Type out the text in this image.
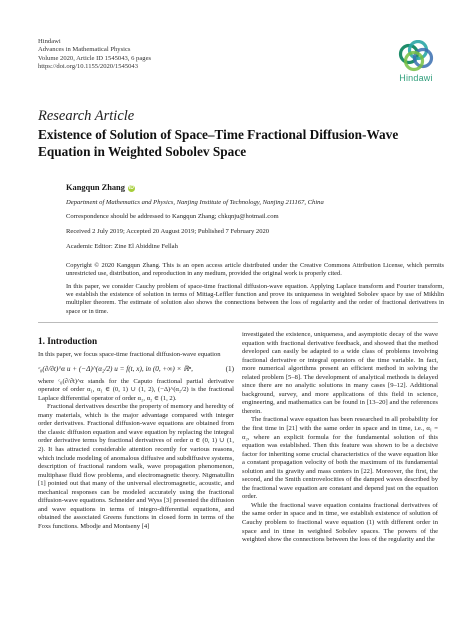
Hindawi
Advances in Mathematical Physics
Volume 2020, Article ID 1545043, 6 pages
https://doi.org/10.1155/2020/1545043
Hindawi
Research Article
Existence of Solution of Space–Time Fractional Diffusion-Wave Equation in Weighted Sobolev Space
Kangqun Zhang iD
Department of Mathematics and Physics, Nanjing Institute of Technology, Nanjing 211167, China
Correspondence should be addressed to Kangqun Zhang; chkqnju@hotmail.com
Received 2 July 2019; Accepted 20 August 2019; Published 7 February 2020
Academic Editor: Zine El Abiddine Fellah
Copyright © 2020 Kangqun Zhang. This is an open access article distributed under the Creative Commons Attribution License, which permits unrestricted use, distribution, and reproduction in any medium, provided the original work is properly cited.
In this paper, we consider Cauchy problem of space-time fractional diffusion-wave equation. Applying Laplace transform and Fourier transform, we establish the existence of solution in terms of Mittag-Leffler function and prove its uniqueness in weighted Sobolev space by use of Mikhlin multiplier theorem. The estimate of solution also shows the connections between the loss of regularity and the order of fractional derivatives in space or in time.
1. Introduction

In this paper, we focus space-time fractional diffusion-wave equation

ᶜ₀(∂/∂t)^α u + (−Δ)^(α₂/2) u = f(t, x), in (0, +∞) × ℝⁿ,	(1)

where ᶜ₀(∂/∂t)^α stands for the Caputo fractional partial derivative operator of order α₁, α₁ ∈ (0, 1) ∪ (1, 2), (−Δ)^(α₂/2) is the fractional Laplace differential operator of order α₂, α₂ ∈ (1, 2).

Fractional derivatives describe the property of memory and heredity of many materials, which is the major advantage compared with integer order derivatives. Fractional diffusion-wave equations are obtained from the classic diffusion equation and wave equation by replacing the integral order derivative terms by fractional derivatives of order α ∈ (0, 1) ∪ (1, 2). It has attracted considerable attention recently for various reasons, which include modeling of anomalous diffusive and subdiffusive systems, description of fractional random walk, wave propagation phenomenon, multiphase fluid flow problems, and electromagnetic theory. Nigmatullin [1] pointed out that many of the universal electromagnetic, acoustic, and mechanical responses can be modeled accurately using the fractional diffusion-wave equations. Schneider and Wyss [3] presented the diffusion and wave equations in terms of integro-differential equations, and obtained the associated Greens functions in closed form in terms of the Foxs functions. Mbodje and Montseny [4]

investigated the existence, uniqueness, and asymptotic decay of the wave equation with fractional derivative feedback, and showed that the method developed can easily be adapted to a wide class of problems involving fractional derivative or integral operators of the time variable. In fact, more numerical algorithms present an efficient method in solving the related problem [5–8]. The development of analytical methods is delayed since there are no analytic solutions in many cases [9–12]. Additional background, survey, and more applications of this field in science, engineering, and mathematics can be found in [13–20] and the references therein.

The fractional wave equation has been researched in all probability for the first time in [21] with the same order in space and in time, i.e., α₁ = α₂, where an explicit formula for the fundamental solution of this equation was established. Then this feature was shown to be a decisive factor for inheriting some crucial characteristics of the wave equation like a constant propagation velocity of both the maximum of its fundamental solution and its gravity and mass centers in [22]. Moreover, the first, the second, and the Smith centrovelocities of the damped waves described by the fractional wave equation are constant and depend just on the equation order.

While the fractional wave equation contains fractional derivatives of the same order in space and in time, we establish existence of solution of Cauchy problem to fractional wave equation (1) with different order in space and in time in weighted Sobolev spaces. The powers of the weighted show the connections between the loss of the regularity and the
